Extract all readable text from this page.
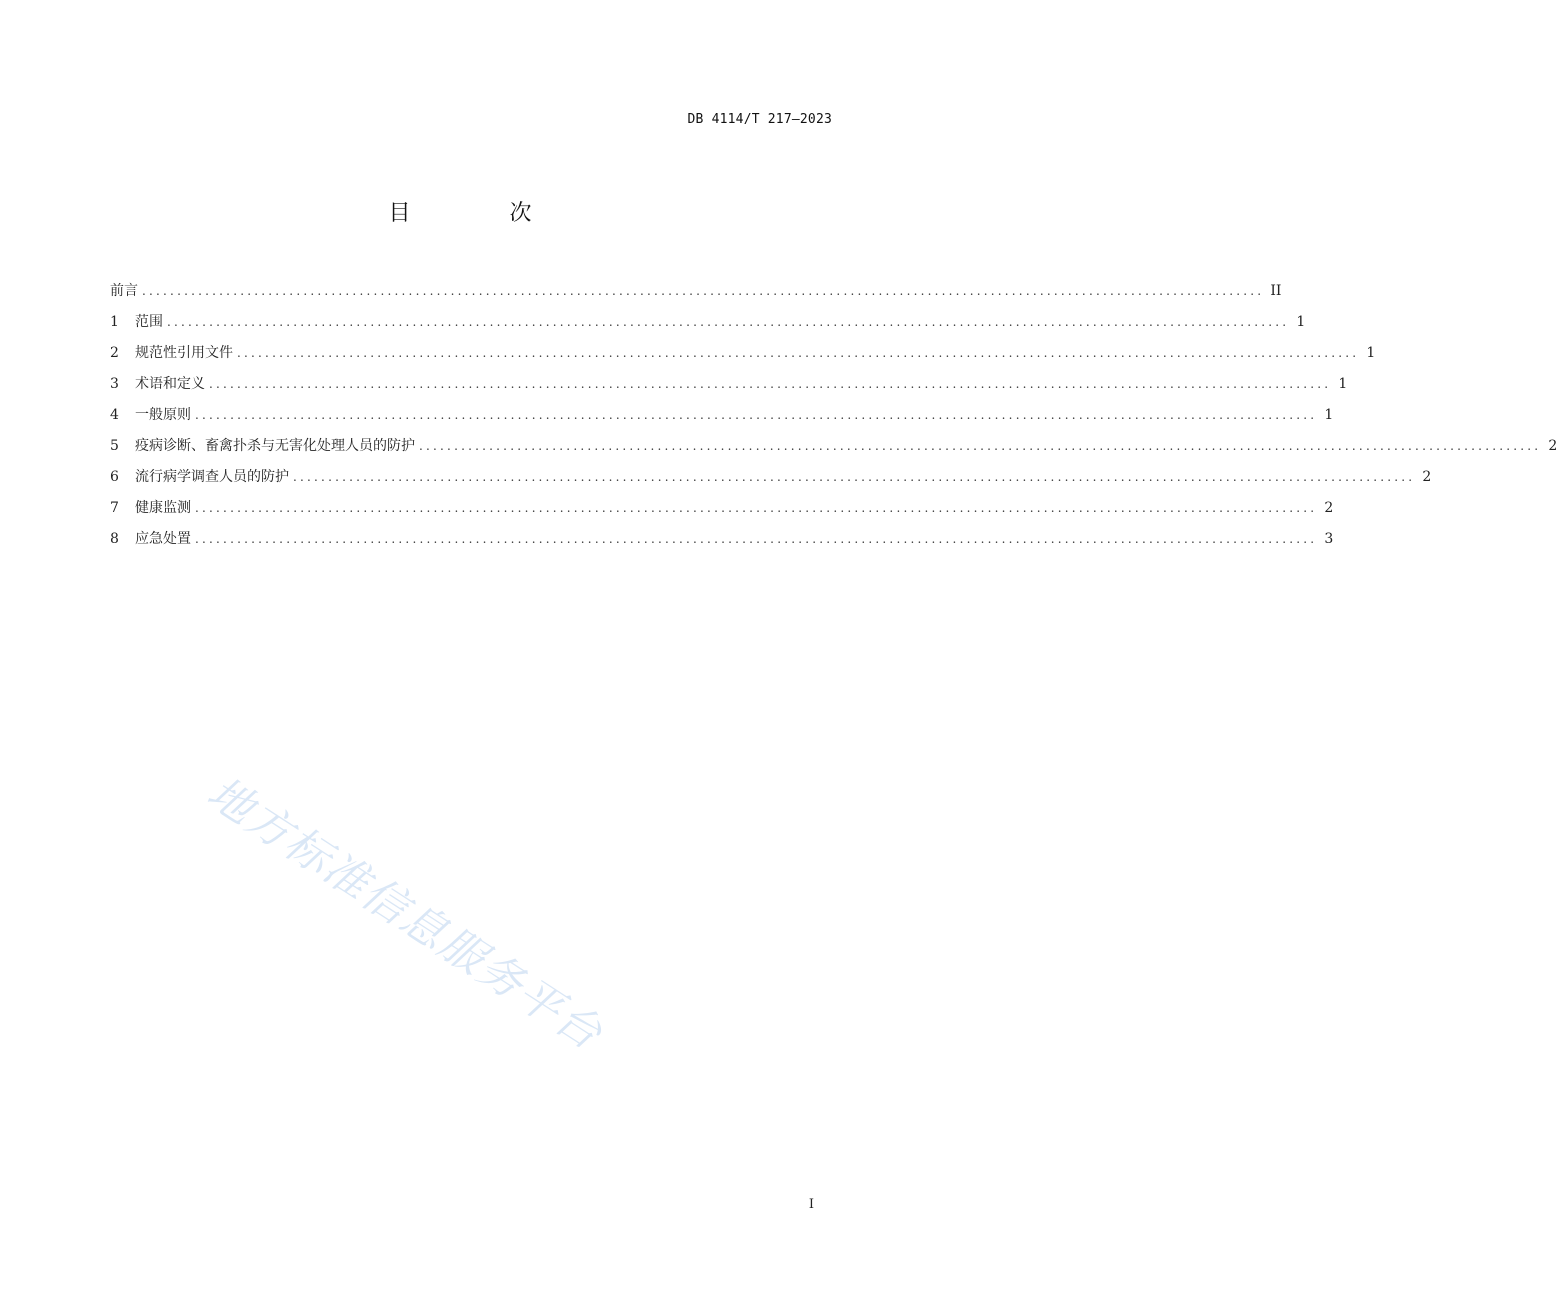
DB 4114/T 217—2023
目 次
前言 ................................................................................................................................................................ II
1	范围 ................................................................................................................................................................ 1
2	规范性引用文件 ................................................................................................................................................................ 1
3	术语和定义 ................................................................................................................................................................ 1
4	一般原则 ................................................................................................................................................................ 1
5	疫病诊断、畜禽扑杀与无害化处理人员的防护 ................................................................................................................................................................ 2
6	流行病学调查人员的防护 ................................................................................................................................................................ 2
7	健康监测 ................................................................................................................................................................ 2
8	应急处置 ................................................................................................................................................................ 3
地方标准信息服务平台
I
